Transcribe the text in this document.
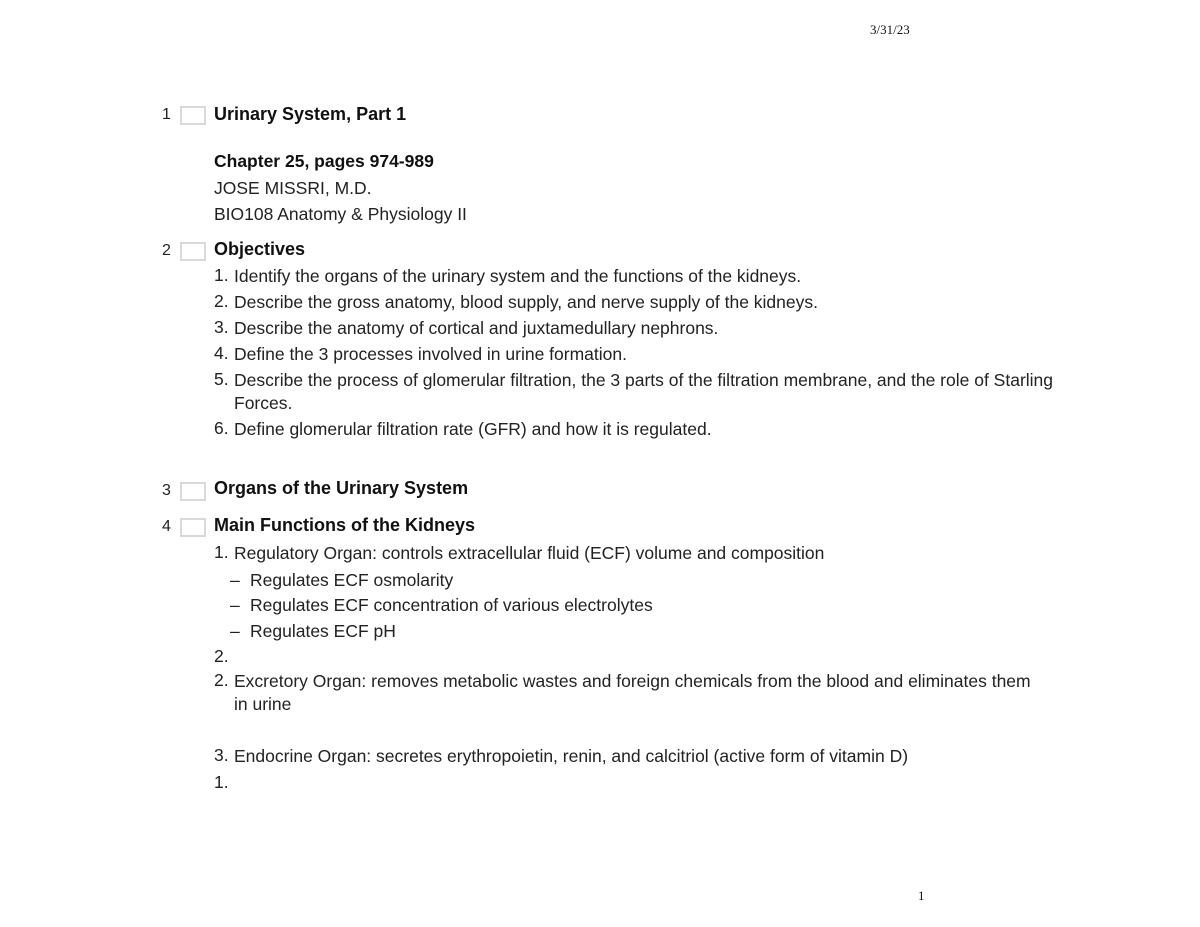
3/31/23
1	Urinary System, Part 1
Chapter 25, pages 974-989
JOSE MISSRI, M.D.
BIO108 Anatomy & Physiology II
2	Objectives
1. Identify the organs of the urinary system and the functions of the kidneys.
2. Describe the gross anatomy, blood supply, and nerve supply of the kidneys.
3. Describe the anatomy of cortical and juxtamedullary nephrons.
4. Define the 3 processes involved in urine formation.
5. Describe the process of glomerular filtration, the 3 parts of the filtration membrane, and the role of Starling Forces.
6. Define glomerular filtration rate (GFR) and how it is regulated.
3	Organs of the Urinary System
4	Main Functions of the Kidneys
1. Regulatory Organ: controls extracellular fluid (ECF) volume and composition
– Regulates ECF osmolarity
– Regulates ECF concentration of various electrolytes
– Regulates ECF pH
2.
2. Excretory Organ: removes metabolic wastes and foreign chemicals from the blood and eliminates them in urine
3. Endocrine Organ: secretes erythropoietin, renin, and calcitriol (active form of vitamin D)
1.
1
